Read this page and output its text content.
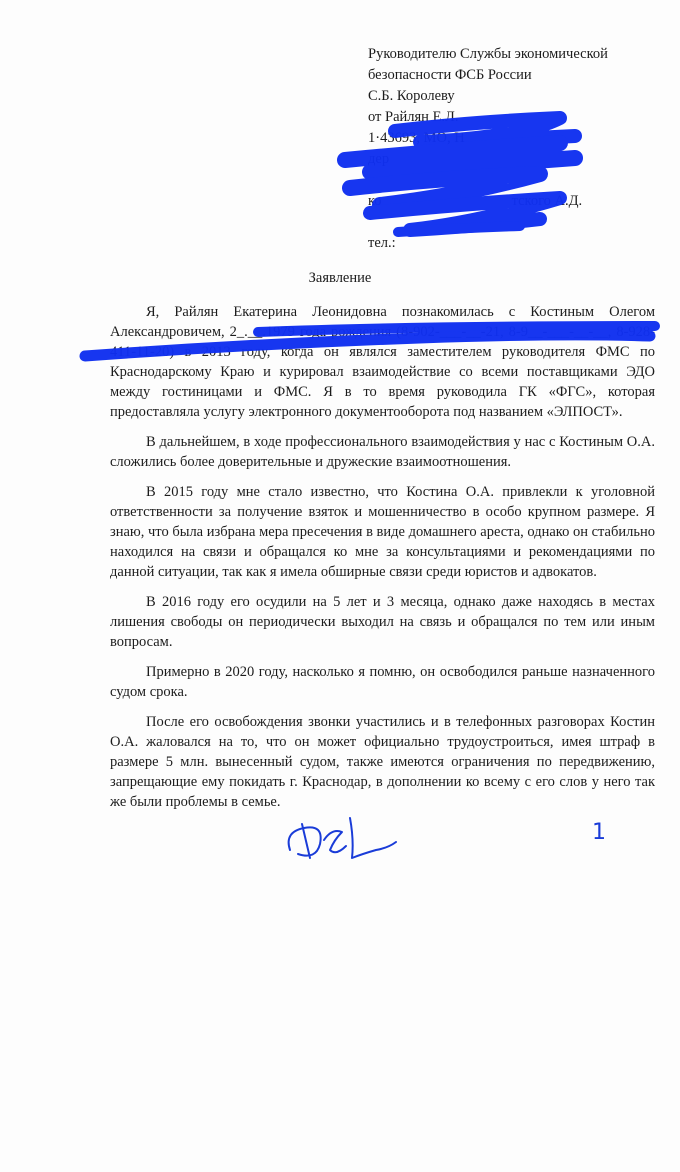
Руководителю Службы экономической
безопасности ФСБ России
С.Б. Королеву
от Райлян Е.Л.
1·43693, МО, Н
дер

ко	тского А.Д.

тел.:
Заявление

Я, Райлян Екатерина Леонидовна познакомилась с Костиным Олегом Александровичем, 2_.__.1979 года рождения (8-902-___-__-21, 8-9__-___-__-__, 8-928-411-11-20) в 2013 году, когда он являлся заместителем руководителя ФМС по Краснодарскому Краю и курировал взаимодействие со всеми поставщиками ЭДО между гостиницами и ФМС. Я в то время руководила ГК «ФГС», которая предоставляла услугу электронного документооборота под названием «ЭЛПОСТ».

В дальнейшем, в ходе профессионального взаимодействия у нас с Костиным О.А. сложились более доверительные и дружеские взаимоотношения.

В 2015 году мне стало известно, что Костина О.А. привлекли к уголовной ответственности за получение взяток и мошенничество в особо крупном размере. Я знаю, что была избрана мера пресечения в виде домашнего ареста, однако он стабильно находился на связи и обращался ко мне за консультациями и рекомендациями по данной ситуации, так как я имела обширные связи среди юристов и адвокатов.

В 2016 году его осудили на 5 лет и 3 месяца, однако даже находясь в местах лишения свободы он периодически выходил на связь и обращался по тем или иным вопросам.

Примерно в 2020 году, насколько я помню, он освободился раньше назначенного судом срока.

После его освобождения звонки участились и в телефонных разговорах Костин О.А. жаловался на то, что он может официально трудоустроиться, имея штраф в размере 5 млн. вынесенный судом, также имеются ограничения по передвижению, запрещающие ему покидать г. Краснодар, в дополнении ко всему с его слов у него так же были проблемы в семье.

1
